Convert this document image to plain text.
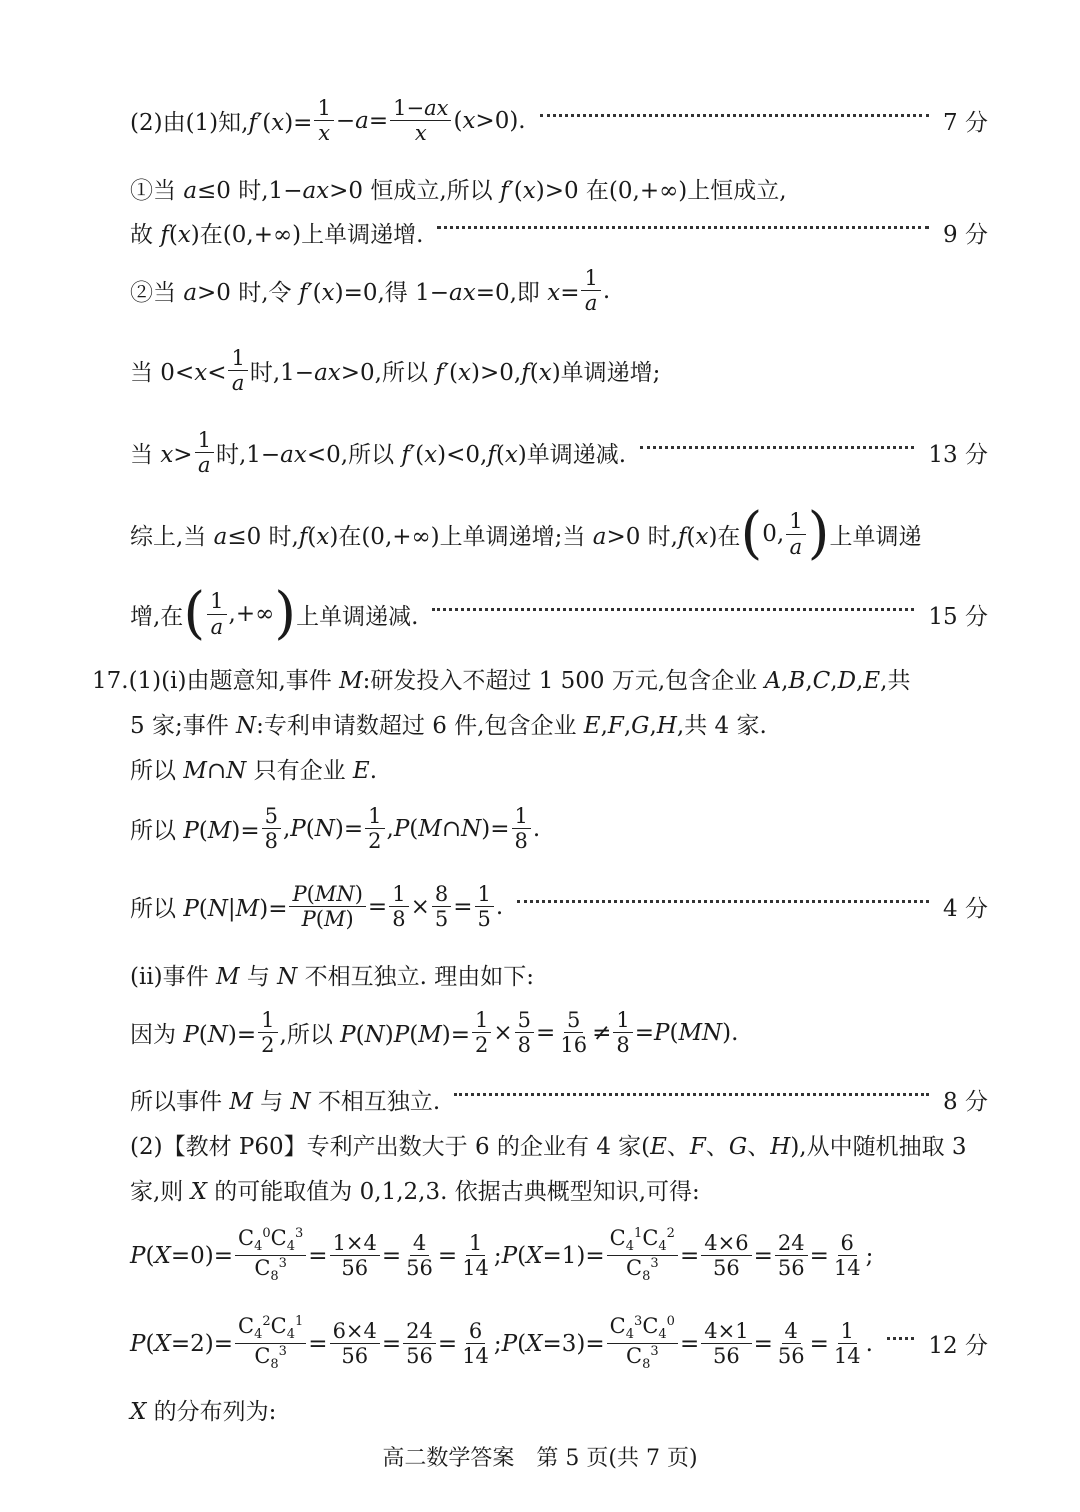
(2)由(1)知$,f'(x)= \frac{1}{x} -a= \frac{1-ax}{x} (x>0)$.	7 分
①当 a≤0 时,1−ax>0 恒成立,所以 f′(x)>0 在(0,+∞)上恒成立,
故 f(x)在(0,+∞)上单调递增.	9 分
②当 a>0 时,令 f′(x)=0,得 1−ax=0,即 $x= \frac{1}{a}$ .
当 $0<x< \frac{1}{a}$ 时,1−ax>0,所以 f′(x)>0,f(x)单调递增;
当 $x> \frac{1}{a}$ 时,1−ax<0,所以 f′(x)<0,f(x)单调递减.	13 分
综上,当 a≤0 时,f(x)在(0,+∞)上单调递增;当 a>0 时,f(x)在 ( 0, $\frac{1}{a}$ ) 上单调递
增,在 ( $\frac{1}{a}$ ,+∞ ) 上单调递减.	15 分
17.(1)(i)由题意知,事件 M:研发投入不超过 1 500 万元,包含企业 A,B,C,D,E,共
5 家;事件 N:专利申请数超过 6 件,包含企业 E,F,G,H,共 4 家.
所以 M∩N 只有企业 E.
所以 $P(M)= \frac{5}{8} ,P(N)= \frac{1}{2}$ ,P(M∩N)= $\frac{1}{8}$ .
所以 $P(N|M)= \frac{P(MN)}{P(M)} = \frac{1}{8} \times \frac{8}{5} = \frac{1}{5}$ .	4 分
(ii)事件 M 与 N 不相互独立. 理由如下:
因为 $P(N)= \frac{1}{2}$ ,所以 $P(N)P(M)= \frac{1}{2} \times \frac{5}{8} = \frac{5}{16} \ne \frac{1}{8} =P(MN)$.
所以事件 M 与 N 不相互独立.	8 分
(2)【教材 P60】专利产出数大于 6 的企业有 4 家(E、F、G、H),从中随机抽取 3
家,则 X 的可能取值为 0,1,2,3. 依据古典概型知识,可得:
$P(X=0)= \frac{C_4^0C_4^3}{C_8^3} = \frac{1\times 4}{56} = \frac{4}{56} = \frac{1}{14}$ ;P(X=1)= $\frac{C_4^1C_4^2}{C_8^3} = \frac{4\times 6}{56} = \frac{24}{56} = \frac{6}{14}$ ;
$P(X=2)= \frac{C_4^2C_4^1}{C_8^3} = \frac{6\times 4}{56} = \frac{24}{56} = \frac{6}{14}$ ;P(X=3)= $\frac{C_4^3C_4^0}{C_8^3} = \frac{4\times 1}{56} = \frac{4}{56} = \frac{1}{14}$ . 12 分
X 的分布列为:
高二数学答案　第 5 页(共 7 页)
